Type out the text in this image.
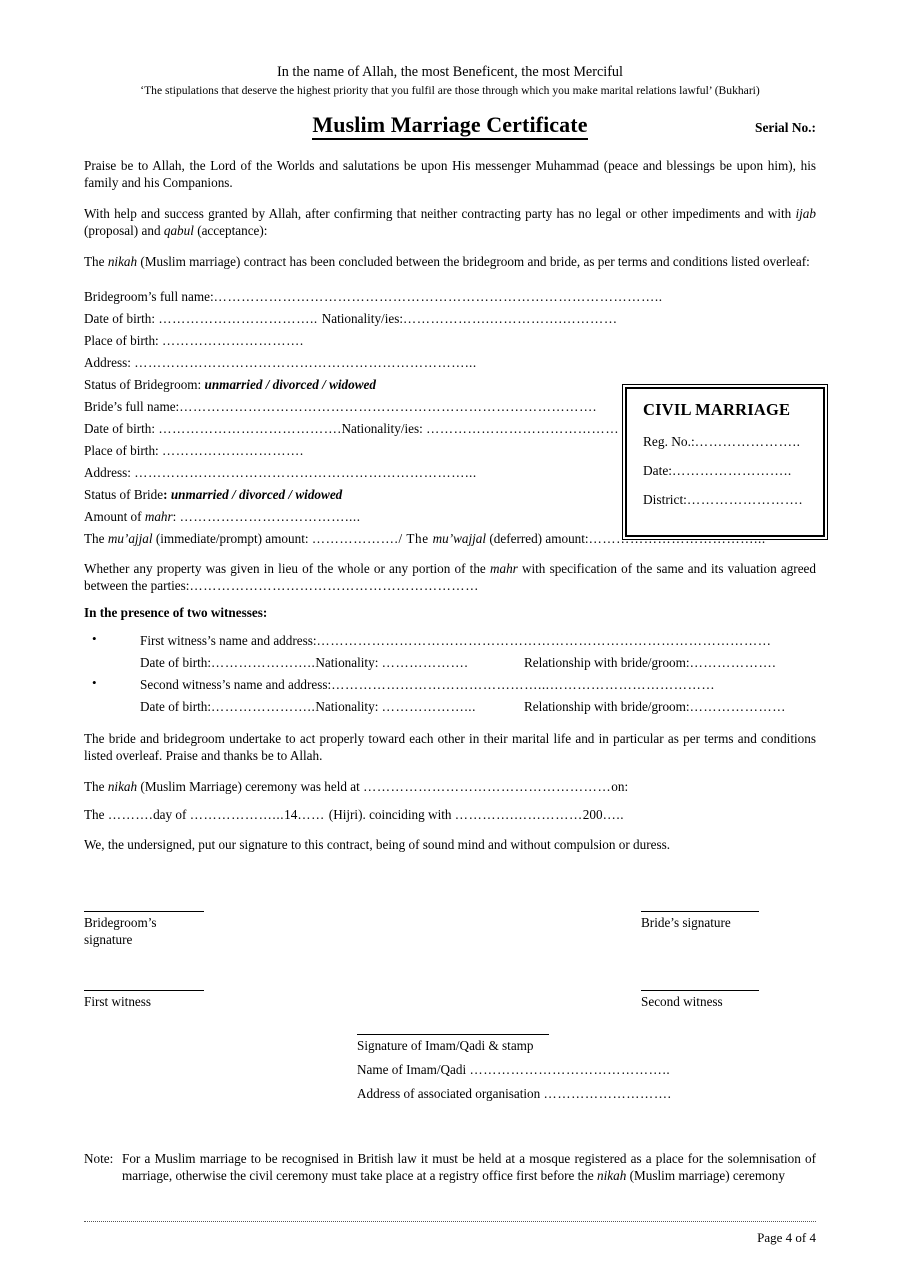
CIVIL MARRIAGE
Reg. No.:…………………..
Date:……………………..
District:…………………….
In the name of Allah, the most Beneficent, the most Merciful
‘The stipulations that deserve the highest priority that you fulfil are those through which you make marital relations lawful’ (Bukhari)
Muslim Marriage Certificate	Serial No.:

Praise be to Allah, the Lord of the Worlds and salutations be upon His messenger Muhammad (peace and blessings be upon him), his family and his Companions.

With help and success granted by Allah, after confirming that neither contracting party has no legal or other impediments and with ijab (proposal) and qabul (acceptance):

The nikah (Muslim marriage) contract has been concluded between the bridegroom and bride, as per terms and conditions listed overleaf:

Bridegroom’s full name:……………………………………………………………………………………..
Date of birth: …………………………….. Nationality/ies:……………….…………….…………
Place of birth: ………………………….
Address: ………………………………………………………………...
Status of Bridegroom: unmarried / divorced / widowed
Bride’s full name:……………………………………………………………………………….
Date of birth: ………………………………….Nationality/ies: ……………………………………
Place of birth: ………………………….
Address: ………………………………………………………………...
Status of Bride: unmarried / divorced / widowed
Amount of mahr: ………………………………....
The mu’ajjal (immediate/prompt) amount: ………………./ The mu’wajjal (deferred) amount:………………………………...

Whether any property was given in lieu of the whole or any portion of the mahr with specification of the same and its valuation agreed between the parties:………………………………………………………

In the presence of two witnesses:
•	First witness’s name and address:………………………………………………………………………………………
Date of birth:…………………..Nationality: ……………….	Relationship with bride/groom:……………….
•	Second witness’s name and address:………………………………………...………………………………
Date of birth:…………………..Nationality: ………………...	Relationship with bride/groom:…………………

The bride and bridegroom undertake to act properly toward each other in their marital life and in particular as per terms and conditions listed overleaf. Praise and thanks be to Allah.

The nikah (Muslim Marriage) ceremony was held at ………………………………………………on:
The ……….day of ………………...14…… (Hijri). coinciding with ………….……………200…..

We, the undersigned, put our signature to this contract, being of sound mind and without compulsion or duress.

Bridegroom’s signature
Bride’s signature
First witness	Second witness
Signature of Imam/Qadi & stamp
Name of Imam/Qadi ……………………………………..
Address of associated organisation ……………………….
Note: For a Muslim marriage to be recognised in British law it must be held at a mosque registered as a place for the solemnisation of marriage, otherwise the civil ceremony must take place at a registry office first before the nikah (Muslim marriage) ceremony
Page 4 of 4
